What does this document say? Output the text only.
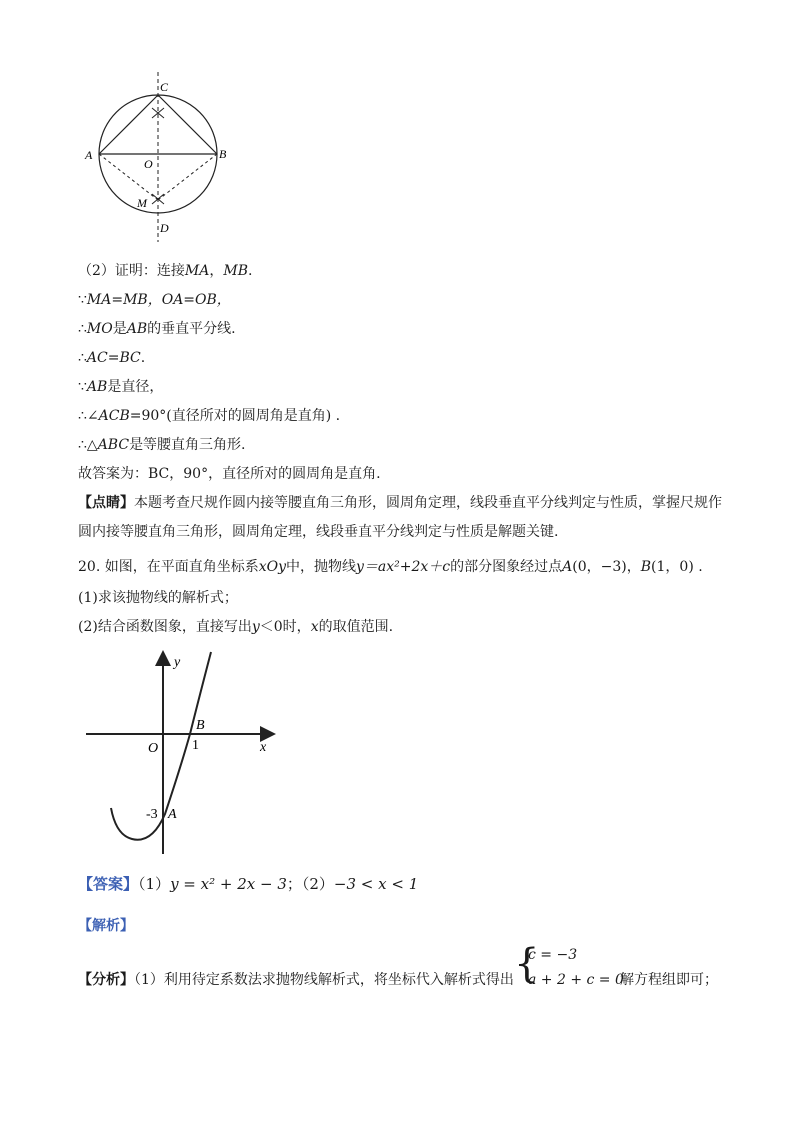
C
A	B
O
M
D
（2）证明：连接MA，MB.
∵MA=MB，OA=OB，
∴MO是AB的垂直平分线.
∴AC=BC.
∵AB是直径，
∴∠ACB=90°(直径所对的圆周角是直角) .
∴△ABC是等腰直角三角形.
故答案为：BC，90°，直径所对的圆周角是直角.
【点睛】本题考查尺规作圆内接等腰直角三角形，圆周角定理，线段垂直平分线判定与性质，掌握尺规作
圆内接等腰直角三角形，圆周角定理，线段垂直平分线判定与性质是解题关键.
20. 如图，在平面直角坐标系xOy中，抛物线y＝ax²+2x＋c的部分图象经过点A(0，−3)，B(1，0) .
(1)求该抛物线的解析式；
(2)结合函数图象，直接写出y＜0时，x的取值范围.
y
x
O
B
1
-3 A
【答案】（1）y = x² + 2x − 3；（2）−3 < x < 1
【解析】
【分析】（1）利用待定系数法求抛物线解析式，将坐标代入解析式得出 {
c = −3
a + 2 + c = 0
解方程组即可；
